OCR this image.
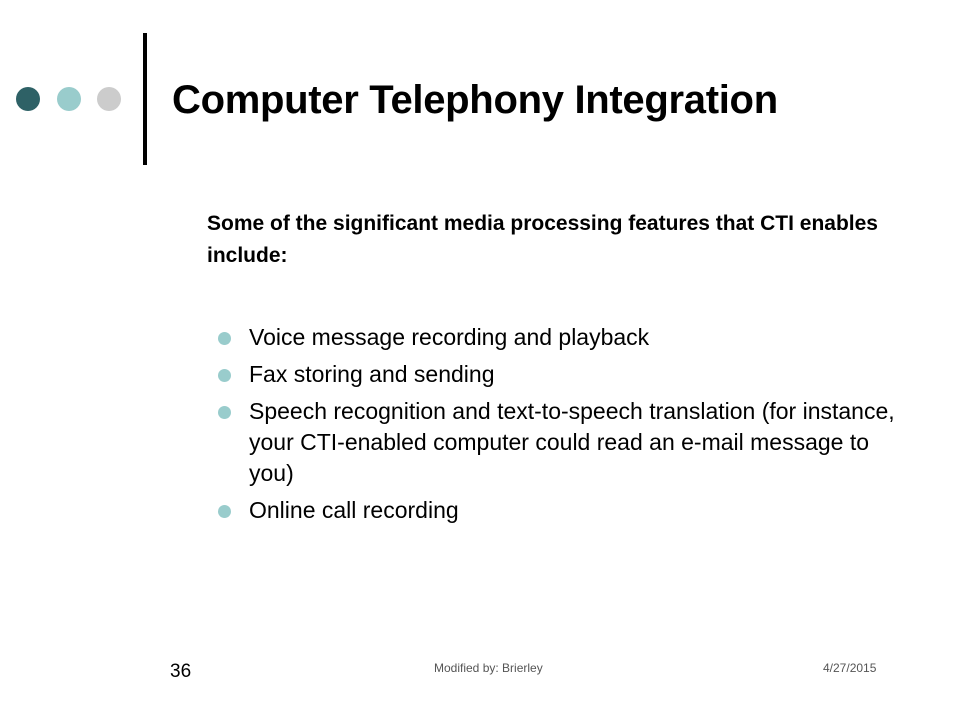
Computer Telephony Integration
Some of the significant media processing features that CTI enables include:
Voice message recording and playback
Fax storing and sending
Speech recognition and text-to-speech translation (for instance, your CTI-enabled computer could read an e-mail message to you)
Online call recording
36	Modified by: Brierley	4/27/2015
